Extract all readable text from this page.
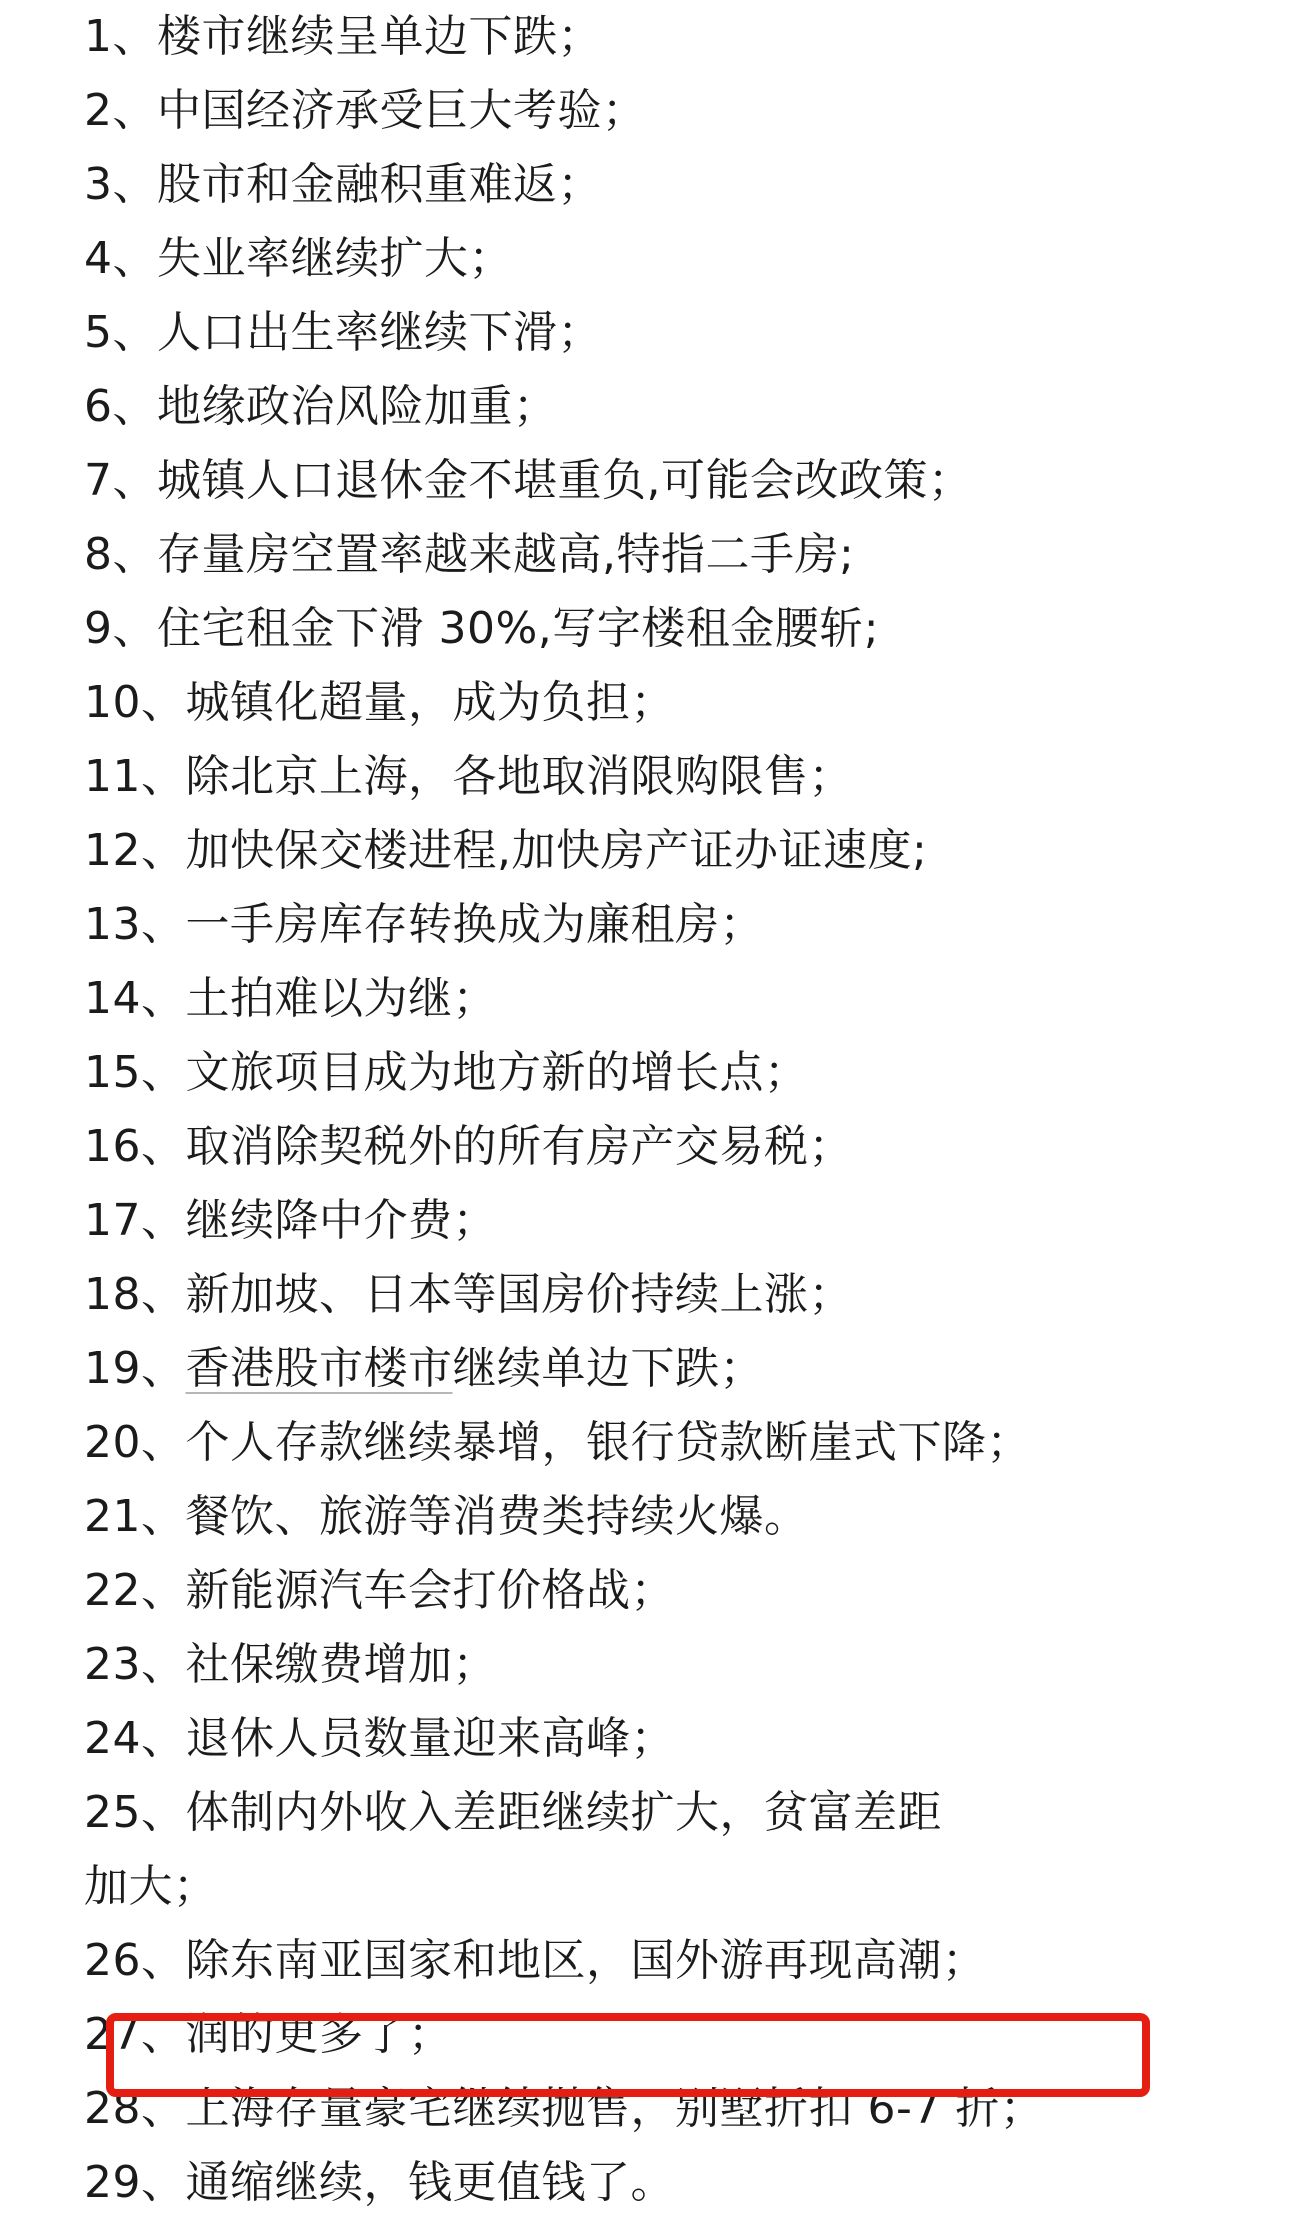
1、楼市继续呈单边下跌；
2、中国经济承受巨大考验；
3、股市和金融积重难返；
4、失业率继续扩大；
5、人口出生率继续下滑；
6、地缘政治风险加重；
7、城镇人口退休金不堪重负,可能会改政策；
8、存量房空置率越来越高,特指二手房;
9、住宅租金下滑 30%,写字楼租金腰斩;
10、城镇化超量，成为负担；
11、除北京上海，各地取消限购限售；
12、加快保交楼进程,加快房产证办证速度;
13、一手房库存转换成为廉租房；
14、土拍难以为继；
15、文旅项目成为地方新的增长点；
16、取消除契税外的所有房产交易税；
17、继续降中介费；
18、新加坡、日本等国房价持续上涨；
19、香港股市楼市继续单边下跌；
20、个人存款继续暴增，银行贷款断崖式下降；
21、餐饮、旅游等消费类持续火爆。
22、新能源汽车会打价格战；
23、社保缴费增加；
24、退休人员数量迎来高峰；
25、体制内外收入差距继续扩大，贫富差距
加大；
26、除东南亚国家和地区，国外游再现高潮；
27、润的更多了；
28、上海存量豪宅继续抛售，别墅折扣 6-7 折；
29、通缩继续，钱更值钱了。
